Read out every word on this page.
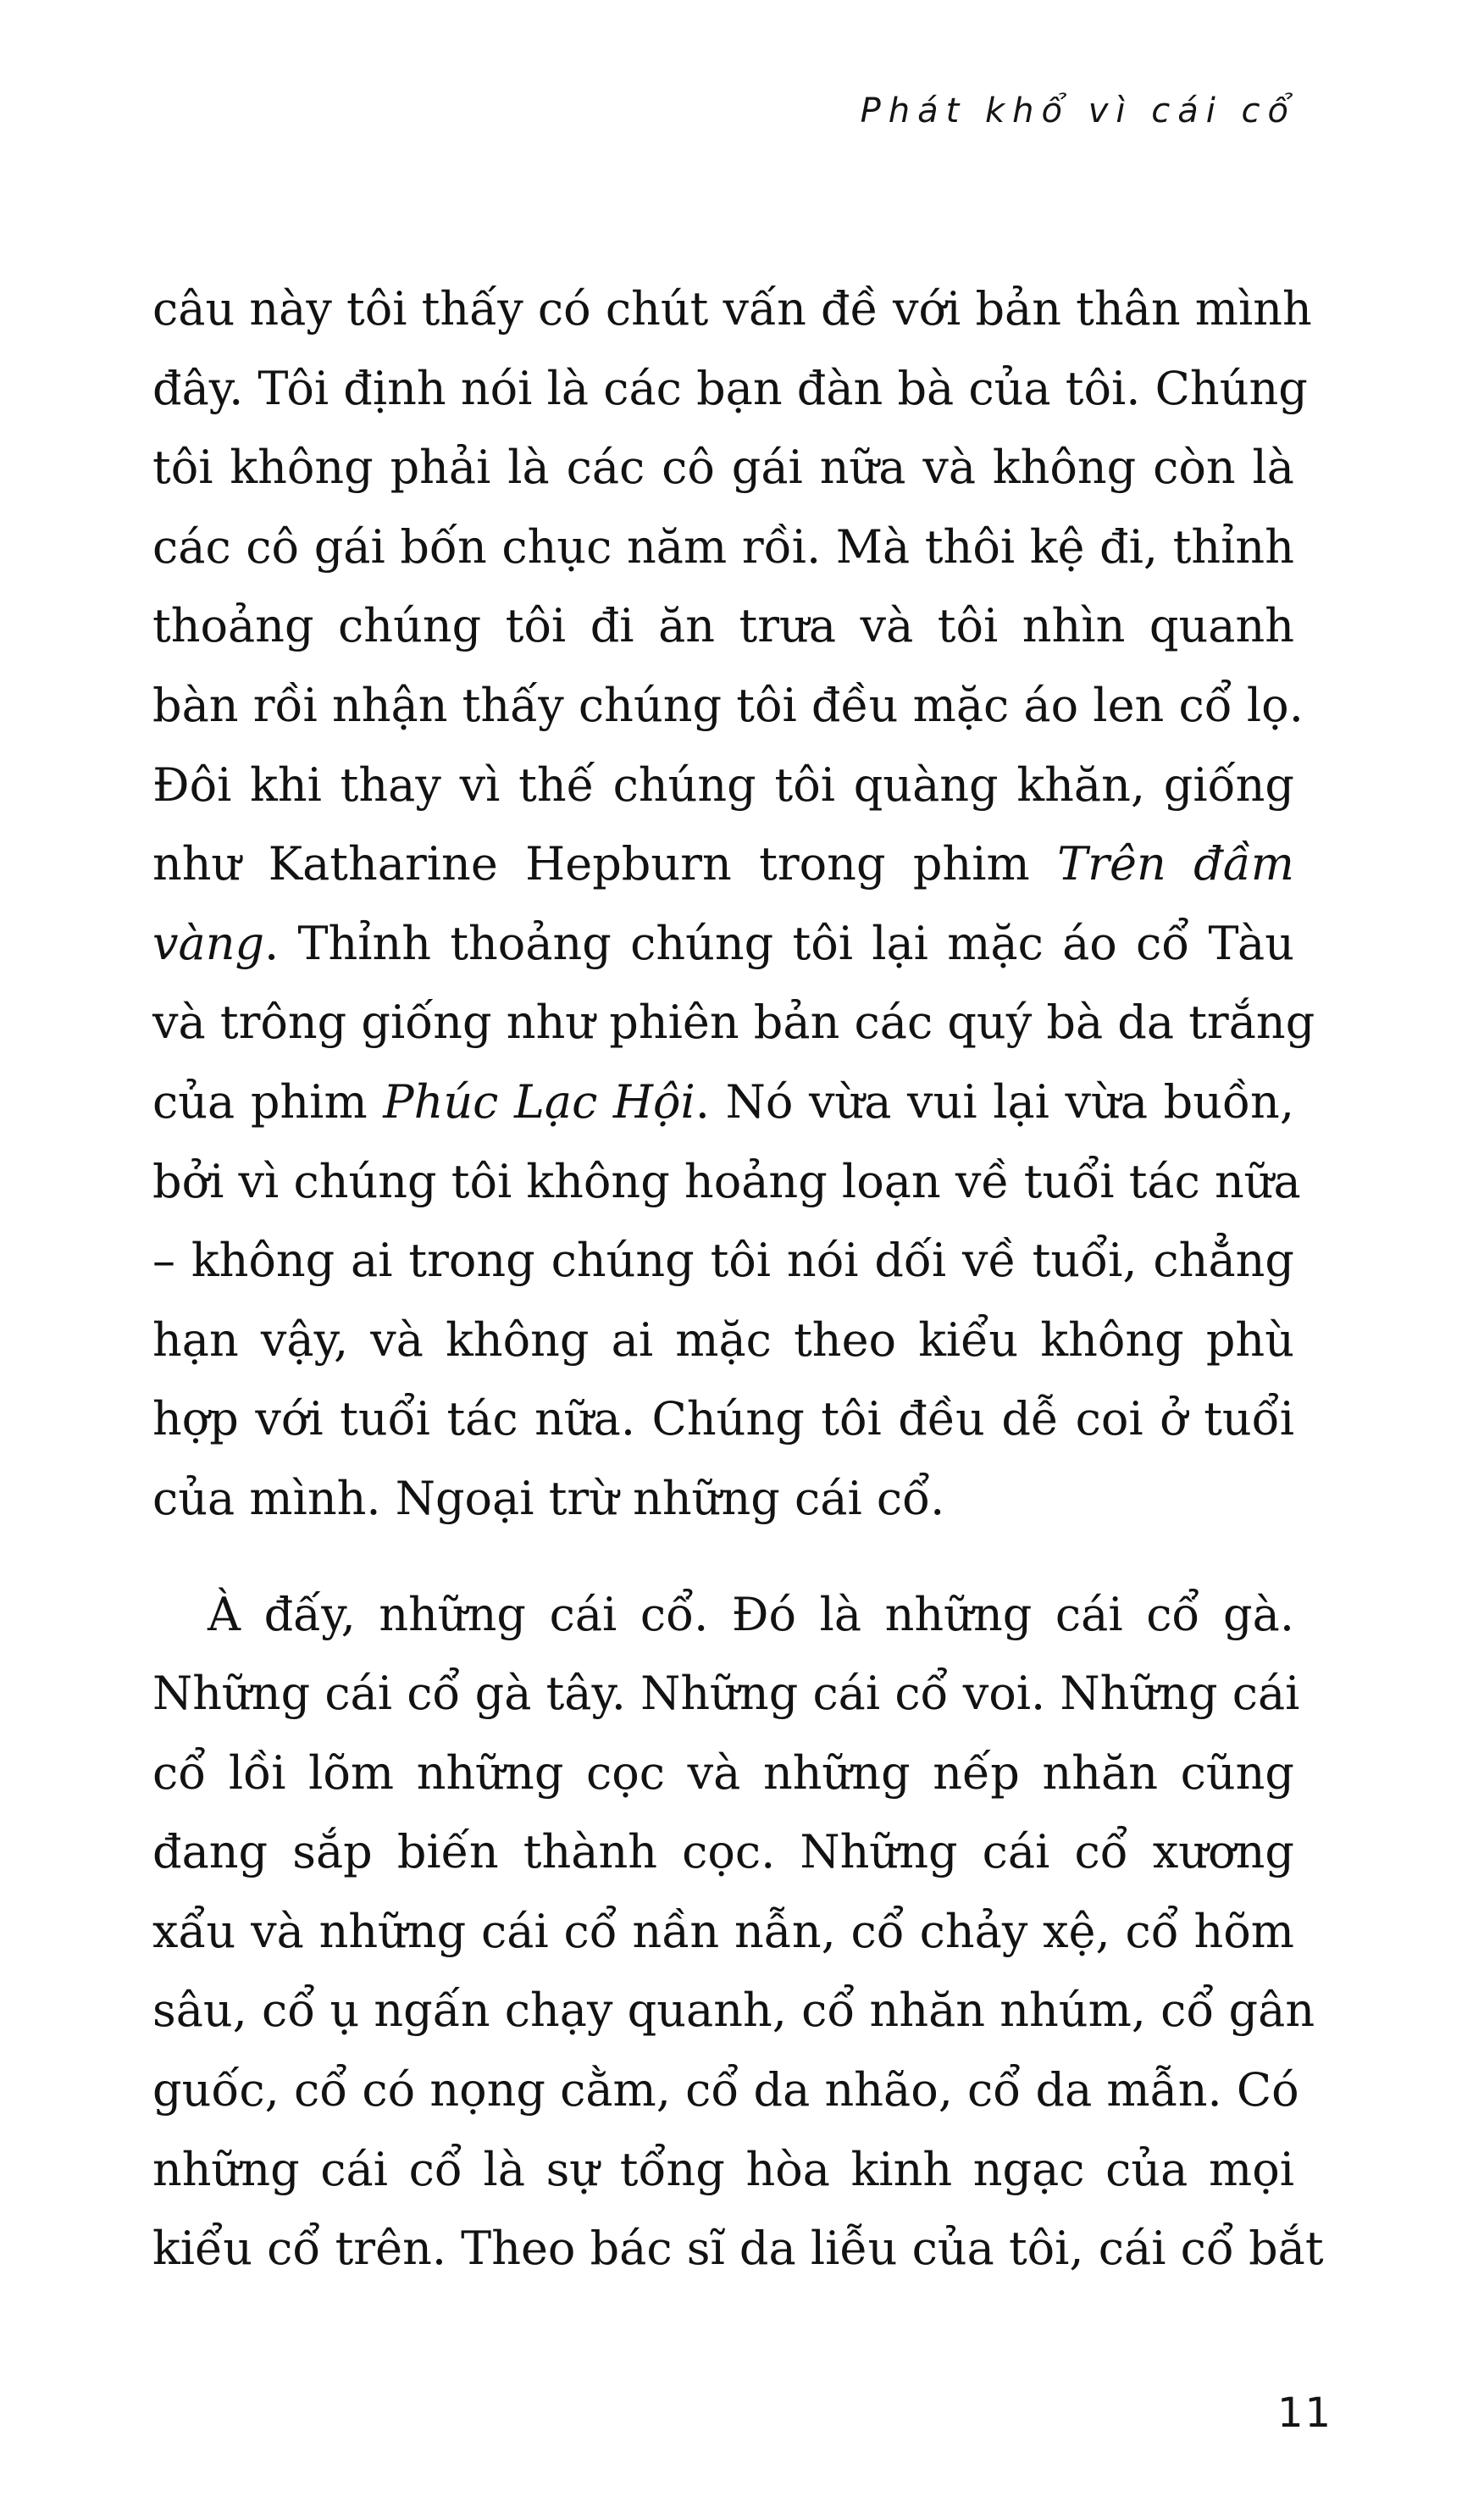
Phát khổ vì cái cổ
câu này tôi thấy có chút vấn đề với bản thân mình
đây. Tôi định nói là các bạn đàn bà của tôi. Chúng
tôi không phải là các cô gái nữa và không còn là
các cô gái bốn chục năm rồi. Mà thôi kệ đi, thỉnh
thoảng chúng tôi đi ăn trưa và tôi nhìn quanh
bàn rồi nhận thấy chúng tôi đều mặc áo len cổ lọ.
Đôi khi thay vì thế chúng tôi quàng khăn, giống
như Katharine Hepburn trong phim Trên đầm
vàng. Thỉnh thoảng chúng tôi lại mặc áo cổ Tàu
và trông giống như phiên bản các quý bà da trắng
của phim Phúc Lạc Hội. Nó vừa vui lại vừa buồn,
bởi vì chúng tôi không hoảng loạn về tuổi tác nữa
– không ai trong chúng tôi nói dối về tuổi, chẳng
hạn vậy, và không ai mặc theo kiểu không phù
hợp với tuổi tác nữa. Chúng tôi đều dễ coi ở tuổi
của mình. Ngoại trừ những cái cổ.
À đấy, những cái cổ. Đó là những cái cổ gà.
Những cái cổ gà tây. Những cái cổ voi. Những cái
cổ lồi lõm những cọc và những nếp nhăn cũng
đang sắp biến thành cọc. Những cái cổ xương
xẩu và những cái cổ nần nẫn, cổ chảy xệ, cổ hõm
sâu, cổ ụ ngấn chạy quanh, cổ nhăn nhúm, cổ gân
guốc, cổ có nọng cằm, cổ da nhão, cổ da mẫn. Có
những cái cổ là sự tổng hòa kinh ngạc của mọi
kiểu cổ trên. Theo bác sĩ da liễu của tôi, cái cổ bắt
11
